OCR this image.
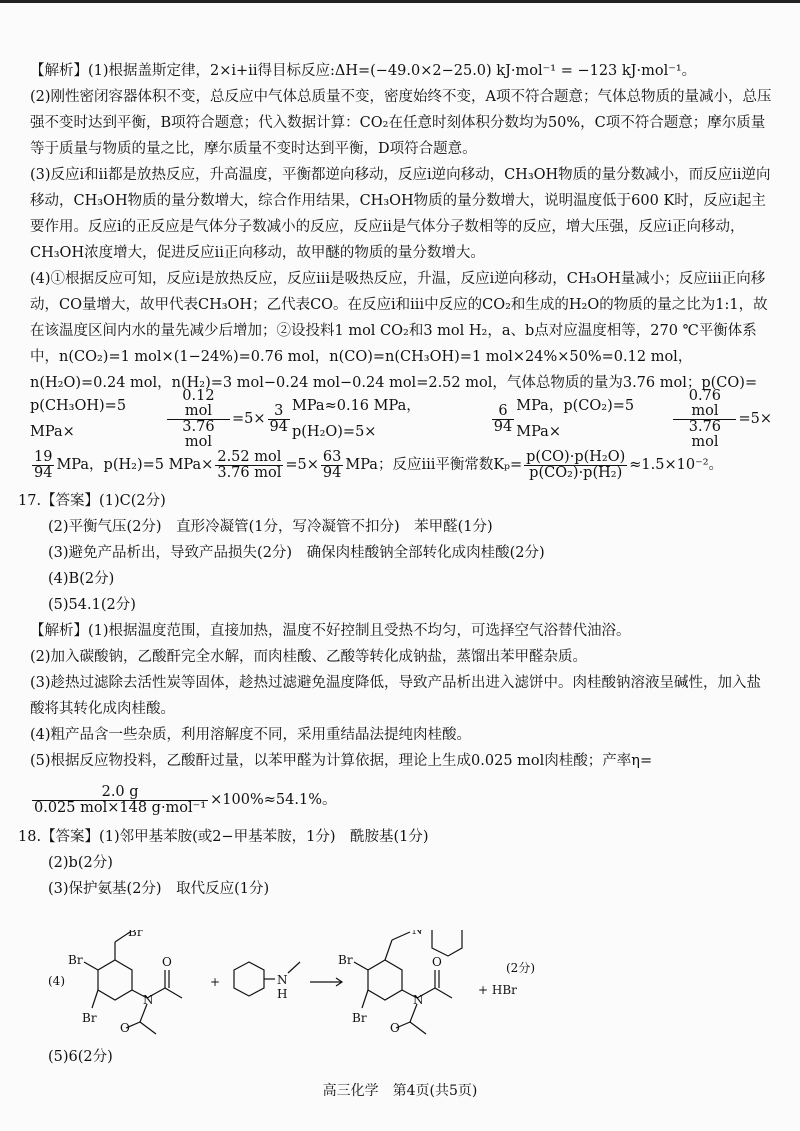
【解析】(1)根据盖斯定律，2×ⅰ+ⅱ得目标反应:ΔH=(−49.0×2−25.0) kJ·mol⁻¹ = −123 kJ·mol⁻¹。

(2)刚性密闭容器体积不变，总反应中气体总质量不变，密度始终不变，A项不符合题意；气体总物质的量减小，总压强不变时达到平衡，B项符合题意；代入数据计算：CO₂在任意时刻体积分数均为50%，C项不符合题意；摩尔质量等于质量与物质的量之比，摩尔质量不变时达到平衡，D项符合题意。

(3)反应ⅰ和ⅱ都是放热反应，升高温度，平衡都逆向移动，反应ⅰ逆向移动，CH₃OH物质的量分数减小，而反应ⅱ逆向移动，CH₃OH物质的量分数增大，综合作用结果，CH₃OH物质的量分数增大，说明温度低于600 K时，反应ⅰ起主要作用。反应ⅰ的正反应是气体分子数减小的反应，反应ⅱ是气体分子数相等的反应，增大压强，反应ⅰ正向移动，CH₃OH浓度增大，促进反应ⅱ正向移动，故甲醚的物质的量分数增大。

(4)①根据反应可知，反应ⅰ是放热反应，反应ⅲ是吸热反应，升温，反应ⅰ逆向移动，CH₃OH量减小；反应ⅲ正向移动，CO量增大，故甲代表CH₃OH；乙代表CO。在反应ⅰ和ⅲ中反应的CO₂和生成的H₂O的物质的量之比为1:1，故在该温度区间内水的量先减少后增加；②设投料1 mol CO₂和3 mol H₂，a、b点对应温度相等，270 ℃平衡体系中，n(CO₂)=1 mol×(1−24%)=0.76 mol，n(CO)=n(CH₃OH)=1 mol×24%×50%=0.12 mol，n(H₂O)=0.24 mol，n(H₂)=3 mol−0.24 mol−0.24 mol=2.52 mol，气体总物质的量为3.76 mol；p(CO)=

p(CH₃OH)=5 MPa×	$\frac{\text{0.12 mol}}{\text{3.76 mol}} =5\times \frac{3}{94} MPa\approx 0.16$ MPa，p(H₂O)=5×	$\frac{6}{94}$ MPa，p(CO₂)=5 MPa×	$\frac{\text{0.76 mol}}{\text{3.76 mol}} =5\times$

$\frac{19}{94}$ MPa，p(H₂)=5 $MPa\times \frac{\text{2.52 mol}}{\text{3.76 mol}} =5\times \frac{63}{94}$ MPa；反应ⅲ平衡常数$K_p= \frac{\text{p(CO)·p(H₂O)}}{\text{p(CO₂)·p(H₂)}} \approx 1.5\times 10^{-2}$。

17.【答案】(1)C(2分)

(2)平衡气压(2分)　直形冷凝管(1分，写冷凝管不扣分)　苯甲醛(1分)

(3)避免产品析出，导致产品损失(2分)　确保肉桂酸钠全部转化成肉桂酸(2分)

(4)B(2分)

(5)54.1(2分)

【解析】(1)根据温度范围，直接加热，温度不好控制且受热不均匀，可选择空气浴替代油浴。

(2)加入碳酸钠，乙酸酐完全水解，而肉桂酸、乙酸等转化成钠盐，蒸馏出苯甲醛杂质。

(3)趁热过滤除去活性炭等固体，趁热过滤避免温度降低，导致产品析出进入滤饼中。肉桂酸钠溶液呈碱性，加入盐酸将其转化成肉桂酸。

(4)粗产品含一些杂质，利用溶解度不同，采用重结晶法提纯肉桂酸。

(5)根据反应物投料，乙酸酐过量，以苯甲醛为计算依据，理论上生成0.025 mol肉桂酸；产率η=

$\frac{2.0 g}{\text{0.025 mol×148 g·mol⁻¹}} \times 100\%\approx 54.1\%$。

18.【答案】(1)邻甲基苯胺(或2−甲基苯胺，1分)　酰胺基(1分)

(2)b(2分)

(3)保护氨基(2分)　取代反应(1分)

(4)
Br
Br
Br
N
O
O
+	N
H
Br
Br
N
N
O
O
+ HBr
(2分)

(5)6(2分)

高三化学　第4页(共5页)
